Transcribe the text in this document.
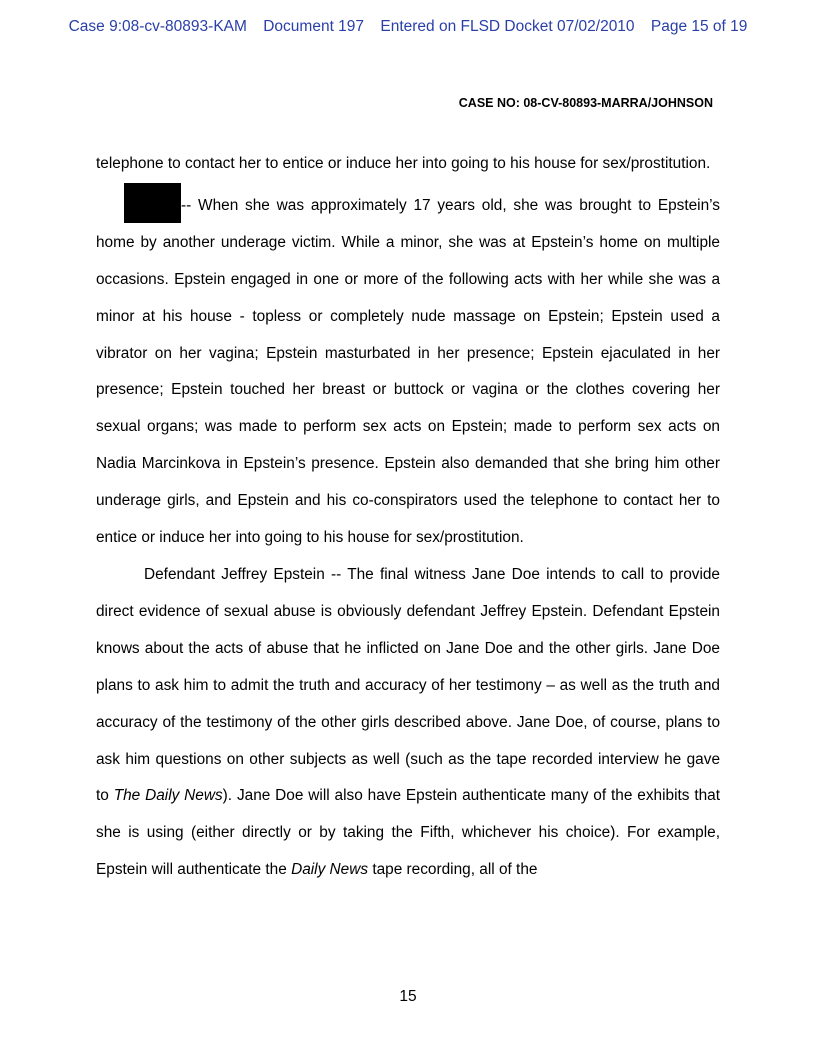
Case 9:08-cv-80893-KAM Document 197 Entered on FLSD Docket 07/02/2010 Page 15 of 19
CASE NO: 08-CV-80893-MARRA/JOHNSON

telephone to contact her to entice or induce her into going to his house for sex/prostitution.

-- When she was approximately 17 years old, she was brought to Epstein’s home by another underage victim. While a minor, she was at Epstein’s home on multiple occasions. Epstein engaged in one or more of the following acts with her while she was a minor at his house - topless or completely nude massage on Epstein; Epstein used a vibrator on her vagina; Epstein masturbated in her presence; Epstein ejaculated in her presence; Epstein touched her breast or buttock or vagina or the clothes covering her sexual organs; was made to perform sex acts on Epstein; made to perform sex acts on Nadia Marcinkova in Epstein’s presence. Epstein also demanded that she bring him other underage girls, and Epstein and his co-conspirators used the telephone to contact her to entice or induce her into going to his house for sex/prostitution.

Defendant Jeffrey Epstein -- The final witness Jane Doe intends to call to provide direct evidence of sexual abuse is obviously defendant Jeffrey Epstein. Defendant Epstein knows about the acts of abuse that he inflicted on Jane Doe and the other girls. Jane Doe plans to ask him to admit the truth and accuracy of her testimony – as well as the truth and accuracy of the testimony of the other girls described above. Jane Doe, of course, plans to ask him questions on other subjects as well (such as the tape recorded interview he gave to The Daily News). Jane Doe will also have Epstein authenticate many of the exhibits that she is using (either directly or by taking the Fifth, whichever his choice). For example, Epstein will authenticate the Daily News tape recording, all of the

15
